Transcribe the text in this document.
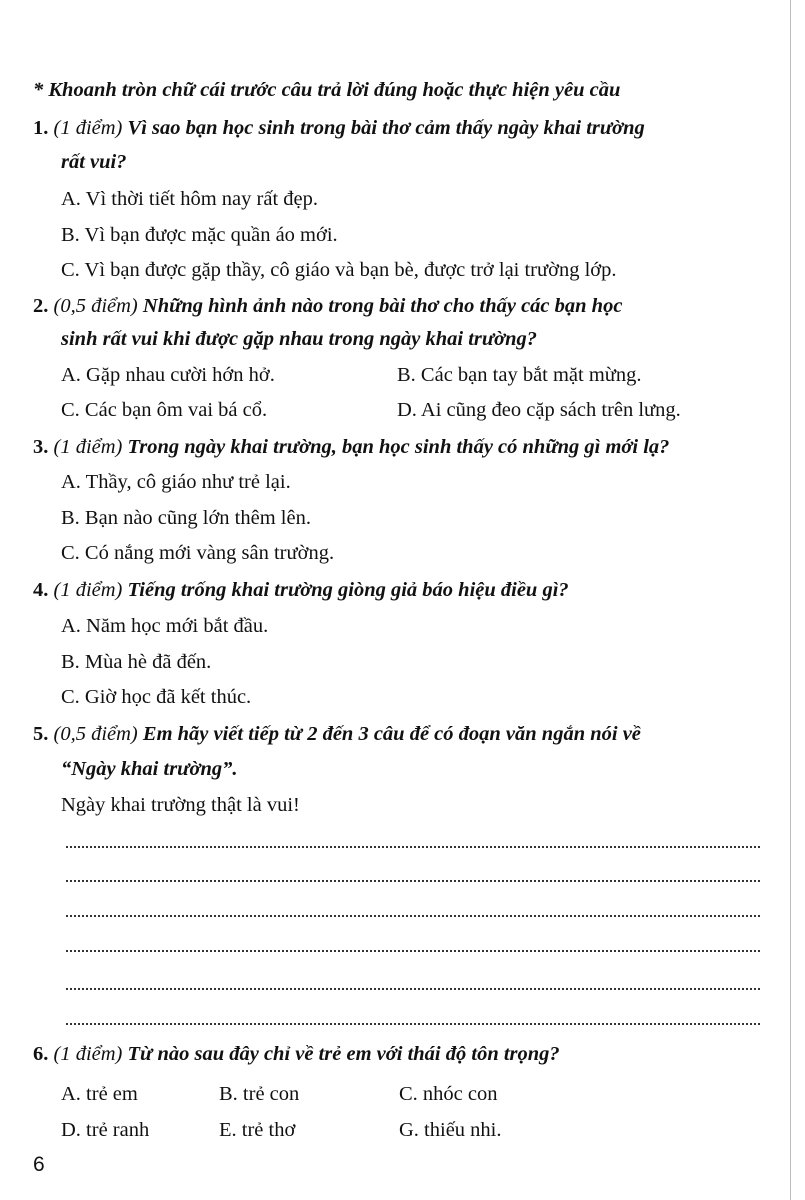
* Khoanh tròn chữ cái trước câu trả lời đúng hoặc thực hiện yêu cầu
1. (1 điểm) Vì sao bạn học sinh trong bài thơ cảm thấy ngày khai trường
rất vui?
A. Vì thời tiết hôm nay rất đẹp.
B. Vì bạn được mặc quần áo mới.
C. Vì bạn được gặp thầy, cô giáo và bạn bè, được trở lại trường lớp.
2. (0,5 điểm) Những hình ảnh nào trong bài thơ cho thấy các bạn học
sinh rất vui khi được gặp nhau trong ngày khai trường?
A. Gặp nhau cười hớn hở.	B. Các bạn tay bắt mặt mừng.
C. Các bạn ôm vai bá cổ.	D. Ai cũng đeo cặp sách trên lưng.
3. (1 điểm) Trong ngày khai trường, bạn học sinh thấy có những gì mới lạ?
A. Thầy, cô giáo như trẻ lại.
B. Bạn nào cũng lớn thêm lên.
C. Có nắng mới vàng sân trường.
4. (1 điểm) Tiếng trống khai trường giòng giả báo hiệu điều gì?
A. Năm học mới bắt đầu.
B. Mùa hè đã đến.
C. Giờ học đã kết thúc.
5. (0,5 điểm) Em hãy viết tiếp từ 2 đến 3 câu để có đoạn văn ngắn nói về
“Ngày khai trường”.
Ngày khai trường thật là vui!
6. (1 điểm) Từ nào sau đây chỉ về trẻ em với thái độ tôn trọng?
A. trẻ em	B. trẻ con	C. nhóc con
D. trẻ ranh	E. trẻ thơ	G. thiếu nhi.
6
